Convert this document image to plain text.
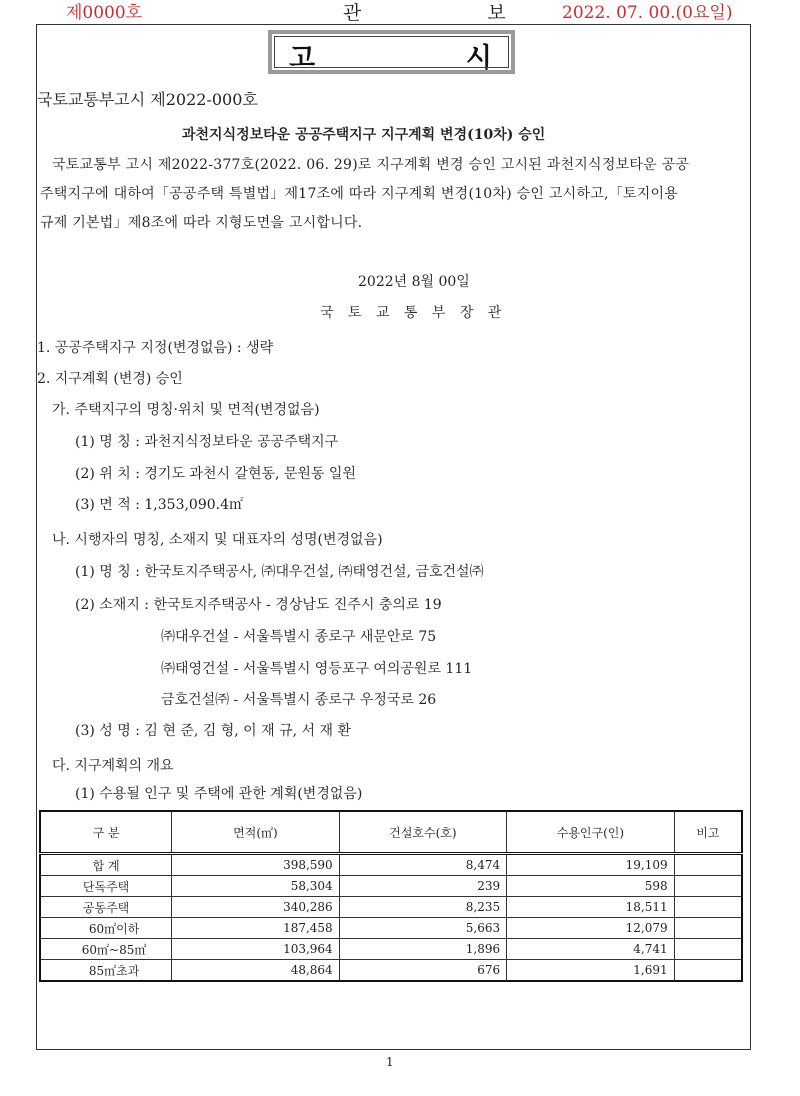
제0000호	관 보
2022. 07. 00.(0요일)
고	시
국토교통부고시 제2022-000호
과천지식정보타운 공공주택지구 지구계획 변경(10차) 승인
국토교통부 고시 제2022-377호(2022. 06. 29)로 지구계획 변경 승인 고시된 과천지식정보타운 공공
주택지구에 대하여「공공주택 특별법」제17조에 따라 지구계획 변경(10차) 승인 고시하고,「토지이용
규제 기본법」제8조에 따라 지형도면을 고시합니다.
2022년 8월 00일
국 토 교 통 부 장 관
1. 공공주택지구 지정(변경없음) : 생략
2. 지구계획 (변경) 승인
가. 주택지구의 명칭·위치 및 면적(변경없음)
(1) 명 칭 : 과천지식정보타운 공공주택지구
(2) 위 치 : 경기도 과천시 갈현동, 문원동 일원
(3) 면 적 : 1,353,090.4㎡
나. 시행자의 명칭, 소재지 및 대표자의 성명(변경없음)
(1) 명 칭 : 한국토지주택공사, ㈜대우건설, ㈜태영건설, 금호건설㈜
(2) 소재지 : 한국토지주택공사 - 경상남도 진주시 충의로 19
㈜대우건설 - 서울특별시 종로구 새문안로 75
㈜태영건설 - 서울특별시 영등포구 여의공원로 111
금호건설㈜ - 서울특별시 종로구 우정국로 26
(3) 성 명 : 김 현 준, 김 형, 이 재 규, 서 재 환
다. 지구계획의 개요
(1) 수용될 인구 및 주택에 관한 계획(변경없음)
구 분	면적(㎡)	건설호수(호)	수용인구(인)	비고
합 계	398,590	8,474	19,109	
단독주택	58,304	239	598	
공동주택	340,286	8,235	18,511	

60㎡이하	187,458	5,663	12,079	

60㎡~85㎡	103,964	1,896	4,741	

85㎡초과	48,864	676	1,691	
1
